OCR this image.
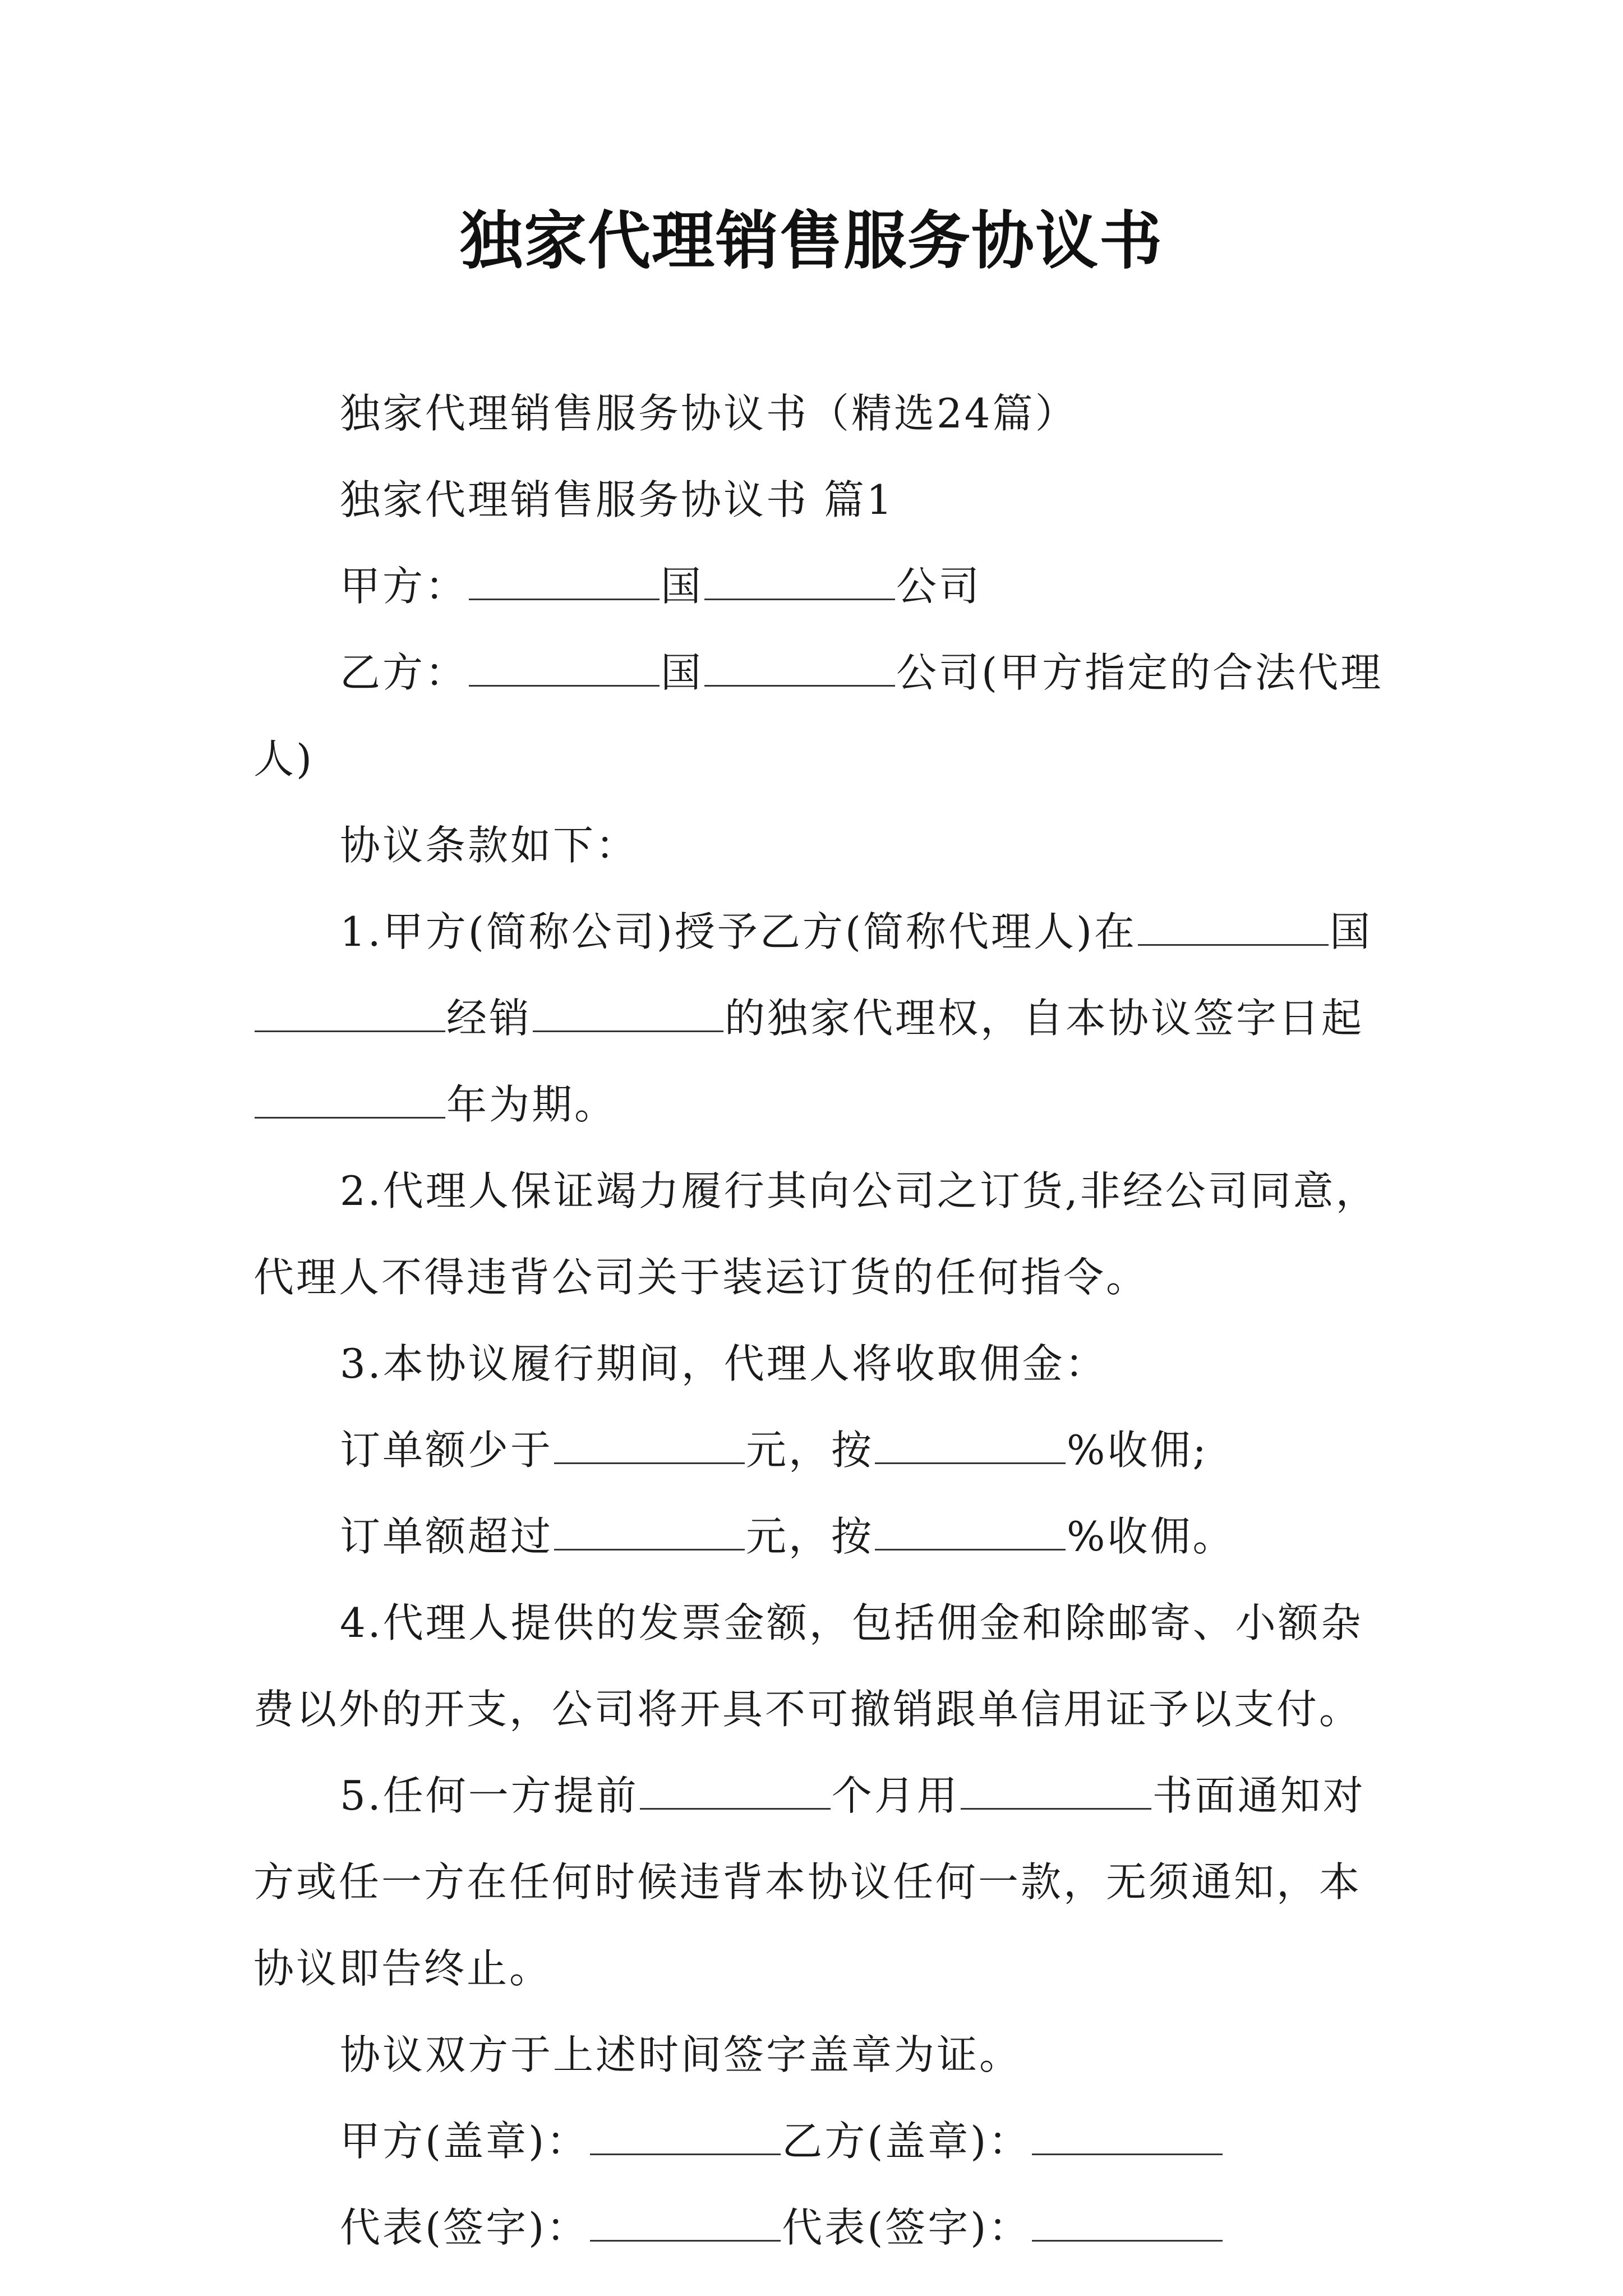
独家代理销售服务协议书

独家代理销售服务协议书（精选24篇）

独家代理销售服务协议书 篇1

甲方：	国	公司

乙方：	国	公司(甲方指定的合法代理人)

协议条款如下：

1.甲方(简称公司)授予乙方(简称代理人)在	国经销	的独家代理权，自本协议签字日起年为期。

2.代理人保证竭力履行其向公司之订货,非经公司同意，代理人不得违背公司关于装运订货的任何指令。

3.本协议履行期间，代理人将收取佣金：

订单额少于	元，按	%收佣;

订单额超过	元，按	%收佣。

4.代理人提供的发票金额，包括佣金和除邮寄、小额杂费以外的开支，公司将开具不可撤销跟单信用证予以支付。

5.任何一方提前	个月用	书面通知对方或任一方在任何时候违背本协议任何一款，无须通知，本协议即告终止。

协议双方于上述时间签字盖章为证。

甲方(盖章)：	乙方(盖章)：

代表(签字)：	代表(签字)：
